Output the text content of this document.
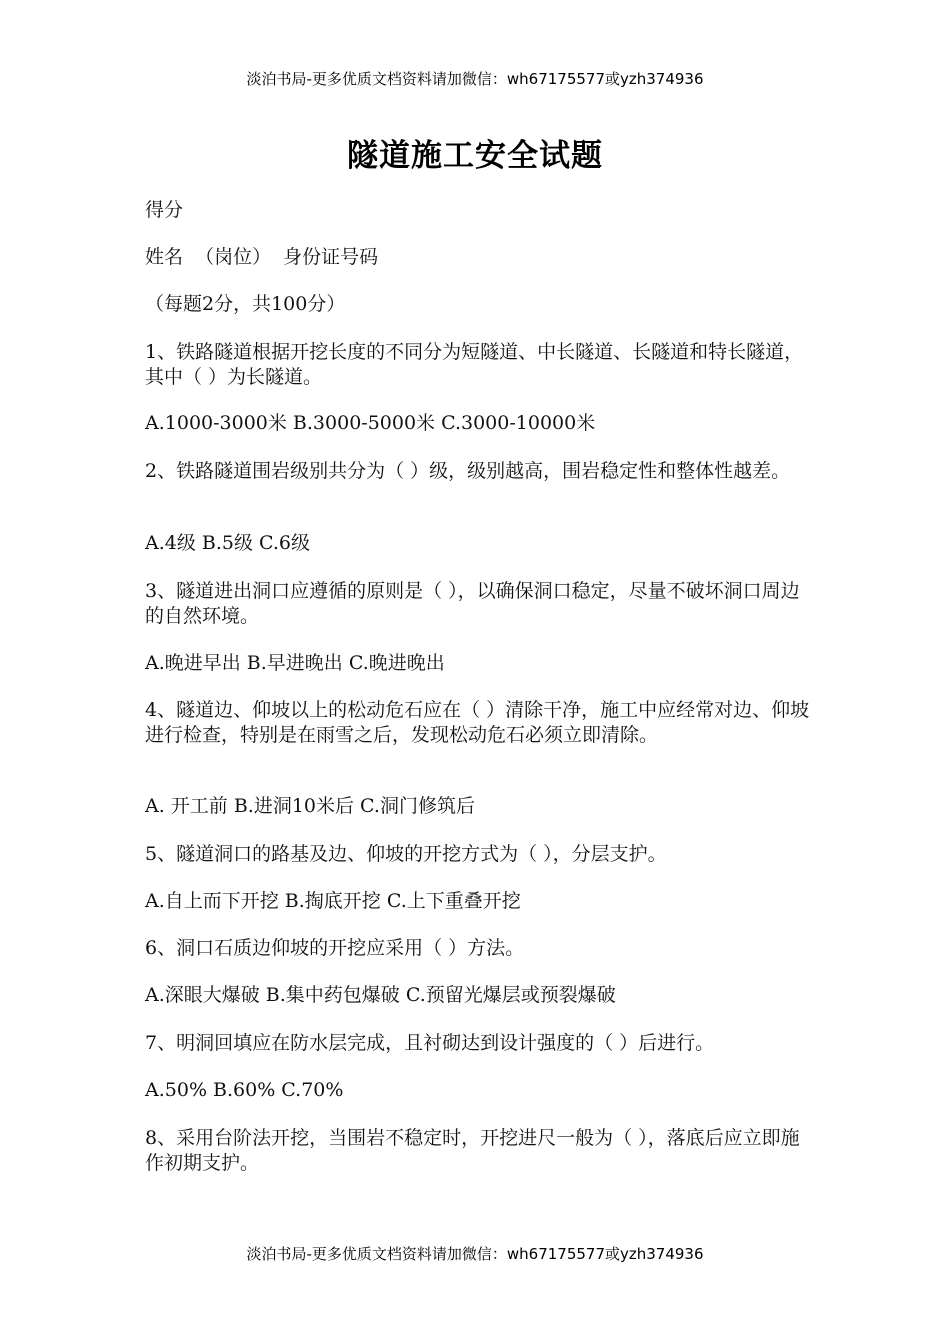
淡泊书局-更多优质文档资料请加微信：wh67175577或yzh374936
隧道施工安全试题
得分
姓名  （岗位）  身份证号码
（每题2分，共100分）
1、铁路隧道根据开挖长度的不同分为短隧道、中长隧道、长隧道和特长隧道，其中（ ）为长隧道。
A.1000-3000米 B.3000-5000米 C.3000-10000米
2、铁路隧道围岩级别共分为（ ）级，级别越高，围岩稳定性和整体性越差。
A.4级 B.5级 C.6级
3、隧道进出洞口应遵循的原则是（ ），以确保洞口稳定，尽量不破坏洞口周边的自然环境。
A.晚进早出 B.早进晚出 C.晚进晚出
4、隧道边、仰坡以上的松动危石应在（ ）清除干净，施工中应经常对边、仰坡进行检查，特别是在雨雪之后，发现松动危石必须立即清除。
A. 开工前 B.进洞10米后 C.洞门修筑后
5、隧道洞口的路基及边、仰坡的开挖方式为（ ），分层支护。
A.自上而下开挖 B.掏底开挖 C.上下重叠开挖
6、洞口石质边仰坡的开挖应采用（ ）方法。
A.深眼大爆破 B.集中药包爆破 C.预留光爆层或预裂爆破
7、明洞回填应在防水层完成，且衬砌达到设计强度的（ ）后进行。
A.50% B.60% C.70%
8、采用台阶法开挖，当围岩不稳定时，开挖进尺一般为（ ），落底后应立即施作初期支护。
淡泊书局-更多优质文档资料请加微信：wh67175577或yzh374936
